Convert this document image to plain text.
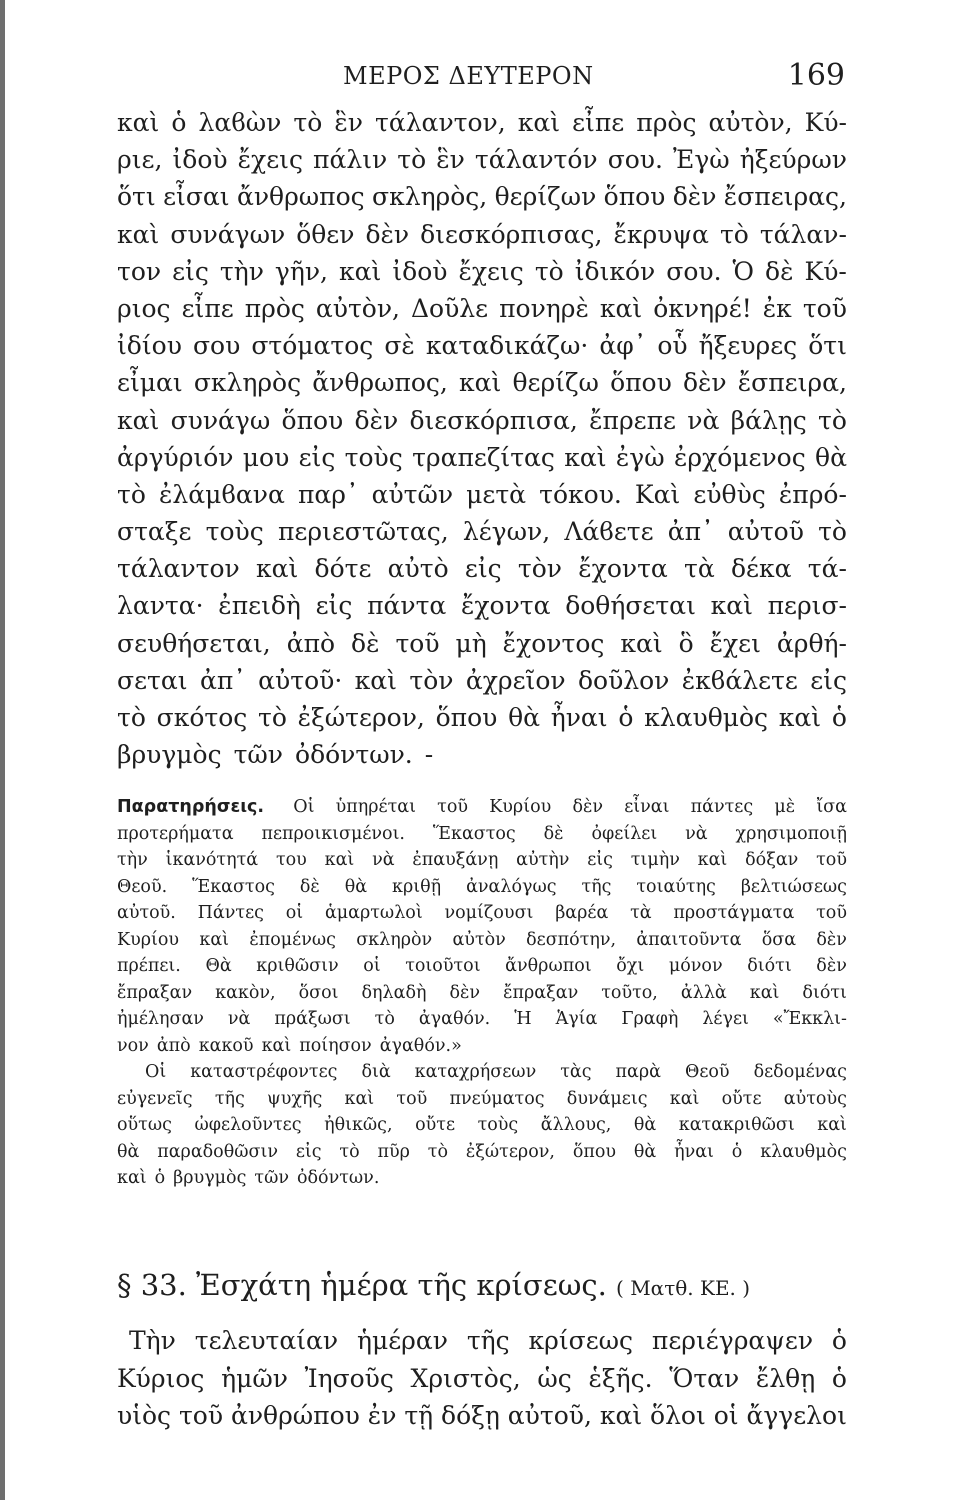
ΜΕΡΟΣ ΔΕΥΤΕΡΟΝ	169
καὶ ὁ λαϐὼν τὸ ἓν τάλαντον, καὶ εἶπε πρὸς αὐτὸν, Κύ-
ριε, ἰδοὺ ἔχεις πάλιν τὸ ἓν τάλαντόν σου. Ἐγὼ ἠξεύρων
ὅτι εἶσαι ἄνθρωπος σκληρὸς, θερίζων ὅπου δὲν ἔσπειρας,
καὶ συνάγων ὅθεν δὲν διεσκόρπισας, ἔκρυψα τὸ τάλαν-
τον εἰς τὴν γῆν, καὶ ἰδοὺ ἔχεις τὸ ἰδικόν σου. Ὁ δὲ Κύ-
ριος εἶπε πρὸς αὐτὸν, Δοῦλε πονηρὲ καὶ ὀκνηρέ! ἐκ τοῦ
ἰδίου σου στόματος σὲ καταδικάζω· ἀφ᾽ οὗ ἤξευρες ὅτι
εἶμαι σκληρὸς ἄνθρωπος, καὶ θερίζω ὅπου δὲν ἔσπειρα,
καὶ συνάγω ὅπου δὲν διεσκόρπισα, ἔπρεπε νὰ βάλῃς τὸ
ἀργύριόν μου εἰς τοὺς τραπεζίτας καὶ ἐγὼ ἐρχόμενος θὰ
τὸ ἐλάμϐανα παρ᾽ αὐτῶν μετὰ τόκου. Καὶ εὐθὺς ἐπρό-
σταξε τοὺς περιεστῶτας, λέγων, Λάϐετε ἀπ᾽ αὐτοῦ τὸ
τάλαντον καὶ δότε αὐτὸ εἰς τὸν ἔχοντα τὰ δέκα τά-
λαντα· ἐπειδὴ εἰς πάντα ἔχοντα δοθήσεται καὶ περισ-
σευθήσεται, ἀπὸ δὲ τοῦ μὴ ἔχοντος καὶ ὃ ἔχει ἀρθή-
σεται ἀπ᾽ αὐτοῦ· καὶ τὸν ἀχρεῖον δοῦλον ἐκϐάλετε εἰς
τὸ σκότος τὸ ἐξώτερον, ὅπου θὰ ἦναι ὁ κλαυθμὸς καὶ ὁ
βρυγμὸς τῶν ὀδόντων. -
Παρατηρήσεις. Οἱ ὑπηρέται τοῦ Κυρίου δὲν εἶναι πάντες μὲ ἴσα
προτερήματα πεπροικισμένοι. Ἕκαστος δὲ ὀφείλει νὰ χρησιμοποιῇ
τὴν ἱκανότητά του καὶ νὰ ἐπαυξάνῃ αὐτὴν εἰς τιμὴν καὶ δόξαν τοῦ
Θεοῦ. Ἕκαστος δὲ θὰ κριθῇ ἀναλόγως τῆς τοιαύτης βελτιώσεως
αὐτοῦ. Πάντες οἱ ἁμαρτωλοὶ νομίζουσι βαρέα τὰ προστάγματα τοῦ
Κυρίου καὶ ἐπομένως σκληρὸν αὐτὸν δεσπότην, ἀπαιτοῦντα ὅσα δὲν
πρέπει. Θὰ κριθῶσιν οἱ τοιοῦτοι ἄνθρωποι ὄχι μόνον διότι δὲν
ἔπραξαν κακὸν, ὅσοι δηλαδὴ δὲν ἔπραξαν τοῦτο, ἀλλὰ καὶ διότι
ἠμέλησαν νὰ πράξωσι τὸ ἀγαθόν. Ἡ Ἁγία Γραφὴ λέγει «Ἔκκλι-
νον ἀπὸ κακοῦ καὶ ποίησον ἀγαθόν.»
Οἱ καταστρέφοντες διὰ καταχρήσεων τὰς παρὰ Θεοῦ δεδομένας
εὐγενεῖς τῆς ψυχῆς καὶ τοῦ πνεύματος δυνάμεις καὶ οὔτε αὐτοὺς
οὕτως ὠφελοῦντες ἠθικῶς, οὔτε τοὺς ἄλλους, θὰ κατακριθῶσι καὶ
θὰ παραδοθῶσιν εἰς τὸ πῦρ τὸ ἐξώτερον, ὅπου θὰ ἦναι ὁ κλαυθμὸς
καὶ ὁ βρυγμὸς τῶν ὀδόντων.
§ 33. Ἐσχάτη ἡμέρα τῆς κρίσεως. ( Ματθ. ΚΕ. )
Τὴν τελευταίαν ἡμέραν τῆς κρίσεως περιέγραψεν ὁ
Κύριος ἡμῶν Ἰησοῦς Χριστὸς, ὡς ἑξῆς. Ὅταν ἔλθῃ ὁ
υἱὸς τοῦ ἀνθρώπου ἐν τῇ δόξῃ αὐτοῦ, καὶ ὅλοι οἱ ἄγγελοι
